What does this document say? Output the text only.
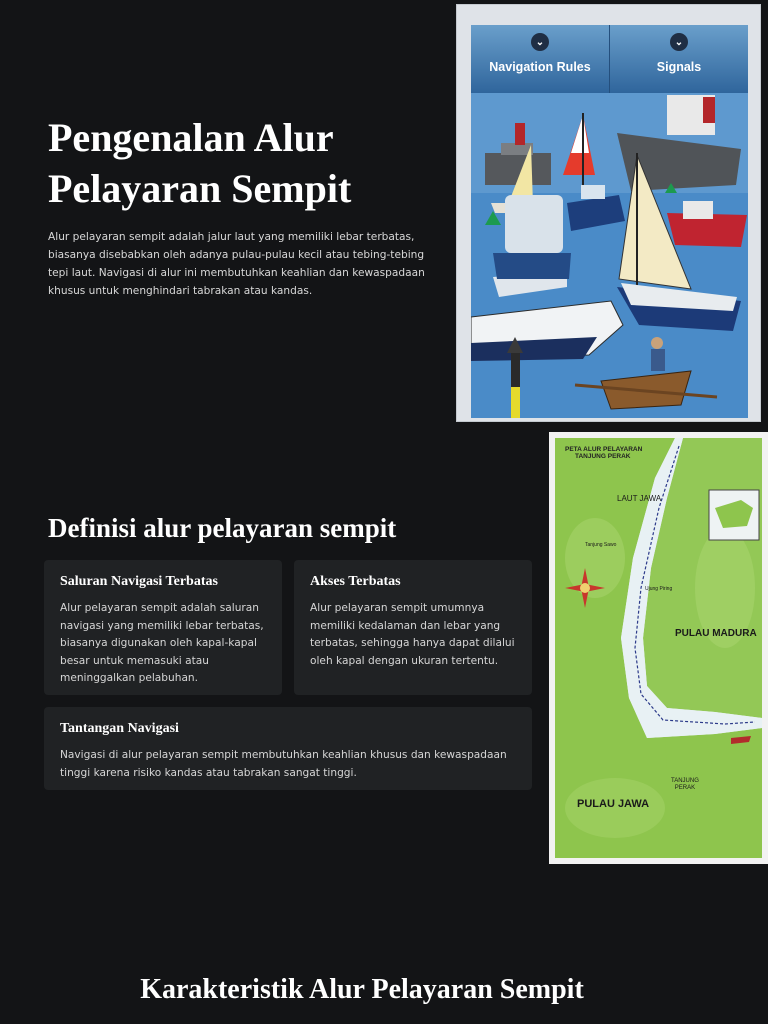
Pengenalan Alur Pelayaran Sempit

Alur pelayaran sempit adalah jalur laut yang memiliki lebar terbatas, biasanya disebabkan oleh adanya pulau-pulau kecil atau tebing-tebing tepi laut. Navigasi di alur ini membutuhkan keahlian dan kewaspadaan khusus untuk menghindari tabrakan atau kandas.

⌄
Navigation Rules
⌄
Signals
Definisi alur pelayaran sempit
Saluran Navigasi Terbatas

Alur pelayaran sempit adalah saluran navigasi yang memiliki lebar terbatas, biasanya digunakan oleh kapal-kapal besar untuk memasuki atau meninggalkan pelabuhan.

Akses Terbatas

Alur pelayaran sempit umumnya memiliki kedalaman dan lebar yang terbatas, sehingga hanya dapat dilalui oleh kapal dengan ukuran tertentu.

Tantangan Navigasi

Navigasi di alur pelayaran sempit membutuhkan keahlian khusus dan kewaspadaan tinggi karena risiko kandas atau tabrakan sangat tinggi.

PETA ALUR PELAYARAN
TANJUNG PERAK
LAUT JAWA
Tanjung Sawo
Ujung Piring
PULAU MADURA
TANJUNG
PERAK
PULAU JAWA
Karakteristik Alur Pelayaran Sempit
